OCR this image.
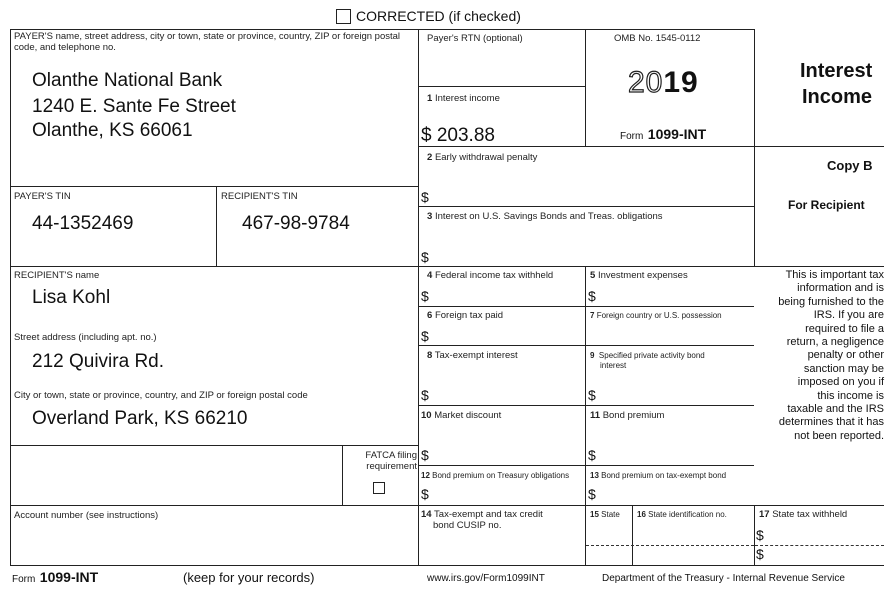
CORRECTED (if checked)
PAYER'S name, street address, city or town, state or province, country, ZIP or foreign postal code, and telephone no.
Olanthe National Bank
1240 E. Sante Fe Street
Olanthe, KS 66061
PAYER'S TIN
44-1352469
RECIPIENT'S TIN
467-98-9784
RECIPIENT'S name
Lisa Kohl
Street address (including apt. no.)
212 Quivira Rd.
City or town, state or province, country, and ZIP or foreign postal code
Overland Park, KS 66210
FATCA filing
requirement
Account number (see instructions)
Payer's RTN (optional)
1 Interest income
$ 203.88
OMB No. 1545-0112
2019
Form 1099-INT
Interest
Income
Copy B
For Recipient
This is important tax
information and is
being furnished to the
IRS. If you are
required to file a
return, a negligence
penalty or other
sanction may be
imposed on you if
this income is
taxable and the IRS
determines that it has
not been reported.
2 Early withdrawal penalty
$
3 Interest on U.S. Savings Bonds and Treas. obligations
$
4 Federal income tax withheld
$
5 Investment expenses
$
6 Foreign tax paid
$
7 Foreign country or U.S. possession
8 Tax-exempt interest
$
9 Specified private activity bond
interest
$
10 Market discount
$
11 Bond premium
$
12 Bond premium on Treasury obligations
$
13 Bond premium on tax-exempt bond
$
14 Tax-exempt and tax credit
bond CUSIP no.
15 State 16 State identification no.	17 State tax withheld
$
$
Form 1099-INT	(keep for your records)	www.irs.gov/Form1099INT	Department of the Treasury - Internal Revenue Service
